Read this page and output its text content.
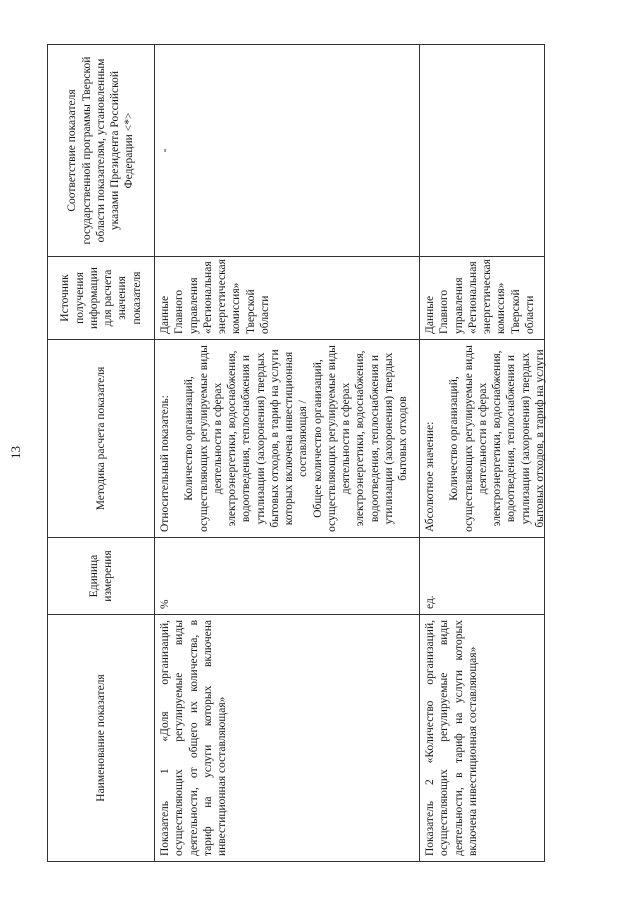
13
Наименование показателя	Единица измерения	Методика расчета показателя	Источник получения информации для расчета значения показателя	Соответствие показателя государственной программы Тверской области показателям, установленным указами Президента Российской Федерации <*>
Показатель 1 «Доля организаций, осуществляющих регулируемые виды деятельности, от общего их количества, в тариф на услуги которых включена инвестиционная составляющая»	%	Относительный показатель: Количество организаций, осуществляющих регулируемые виды деятельности в сферах электроэнергетики, водоснабжения, водоотведения, теплоснабжения и утилизации (захоронения) твердых бытовых отходов, в тариф на услуги которых включена инвестиционная составляющая / Общее количество организаций, осуществляющих регулируемые виды деятельности в сферах электроэнергетики, водоснабжения, водоотведения, теплоснабжения и утилизации (захоронения) твердых бытовых отходов	Данные Главного управления «Региональная энергетическая комиссия» Тверской области	-
Показатель 2 «Количество организаций, осуществляющих регулируемые виды деятельности, в тариф на услуги которых включена инвестиционная составляющая»	ед.	Абсолютное значение: Количество организаций, осуществляющих регулируемые виды деятельности в сферах электроэнергетики, водоснабжения, водоотведения, теплоснабжения и утилизации (захоронения) твердых бытовых отходов, в тариф на услуги	Данные Главного управления «Региональная энергетическая комиссия» Тверской области	
